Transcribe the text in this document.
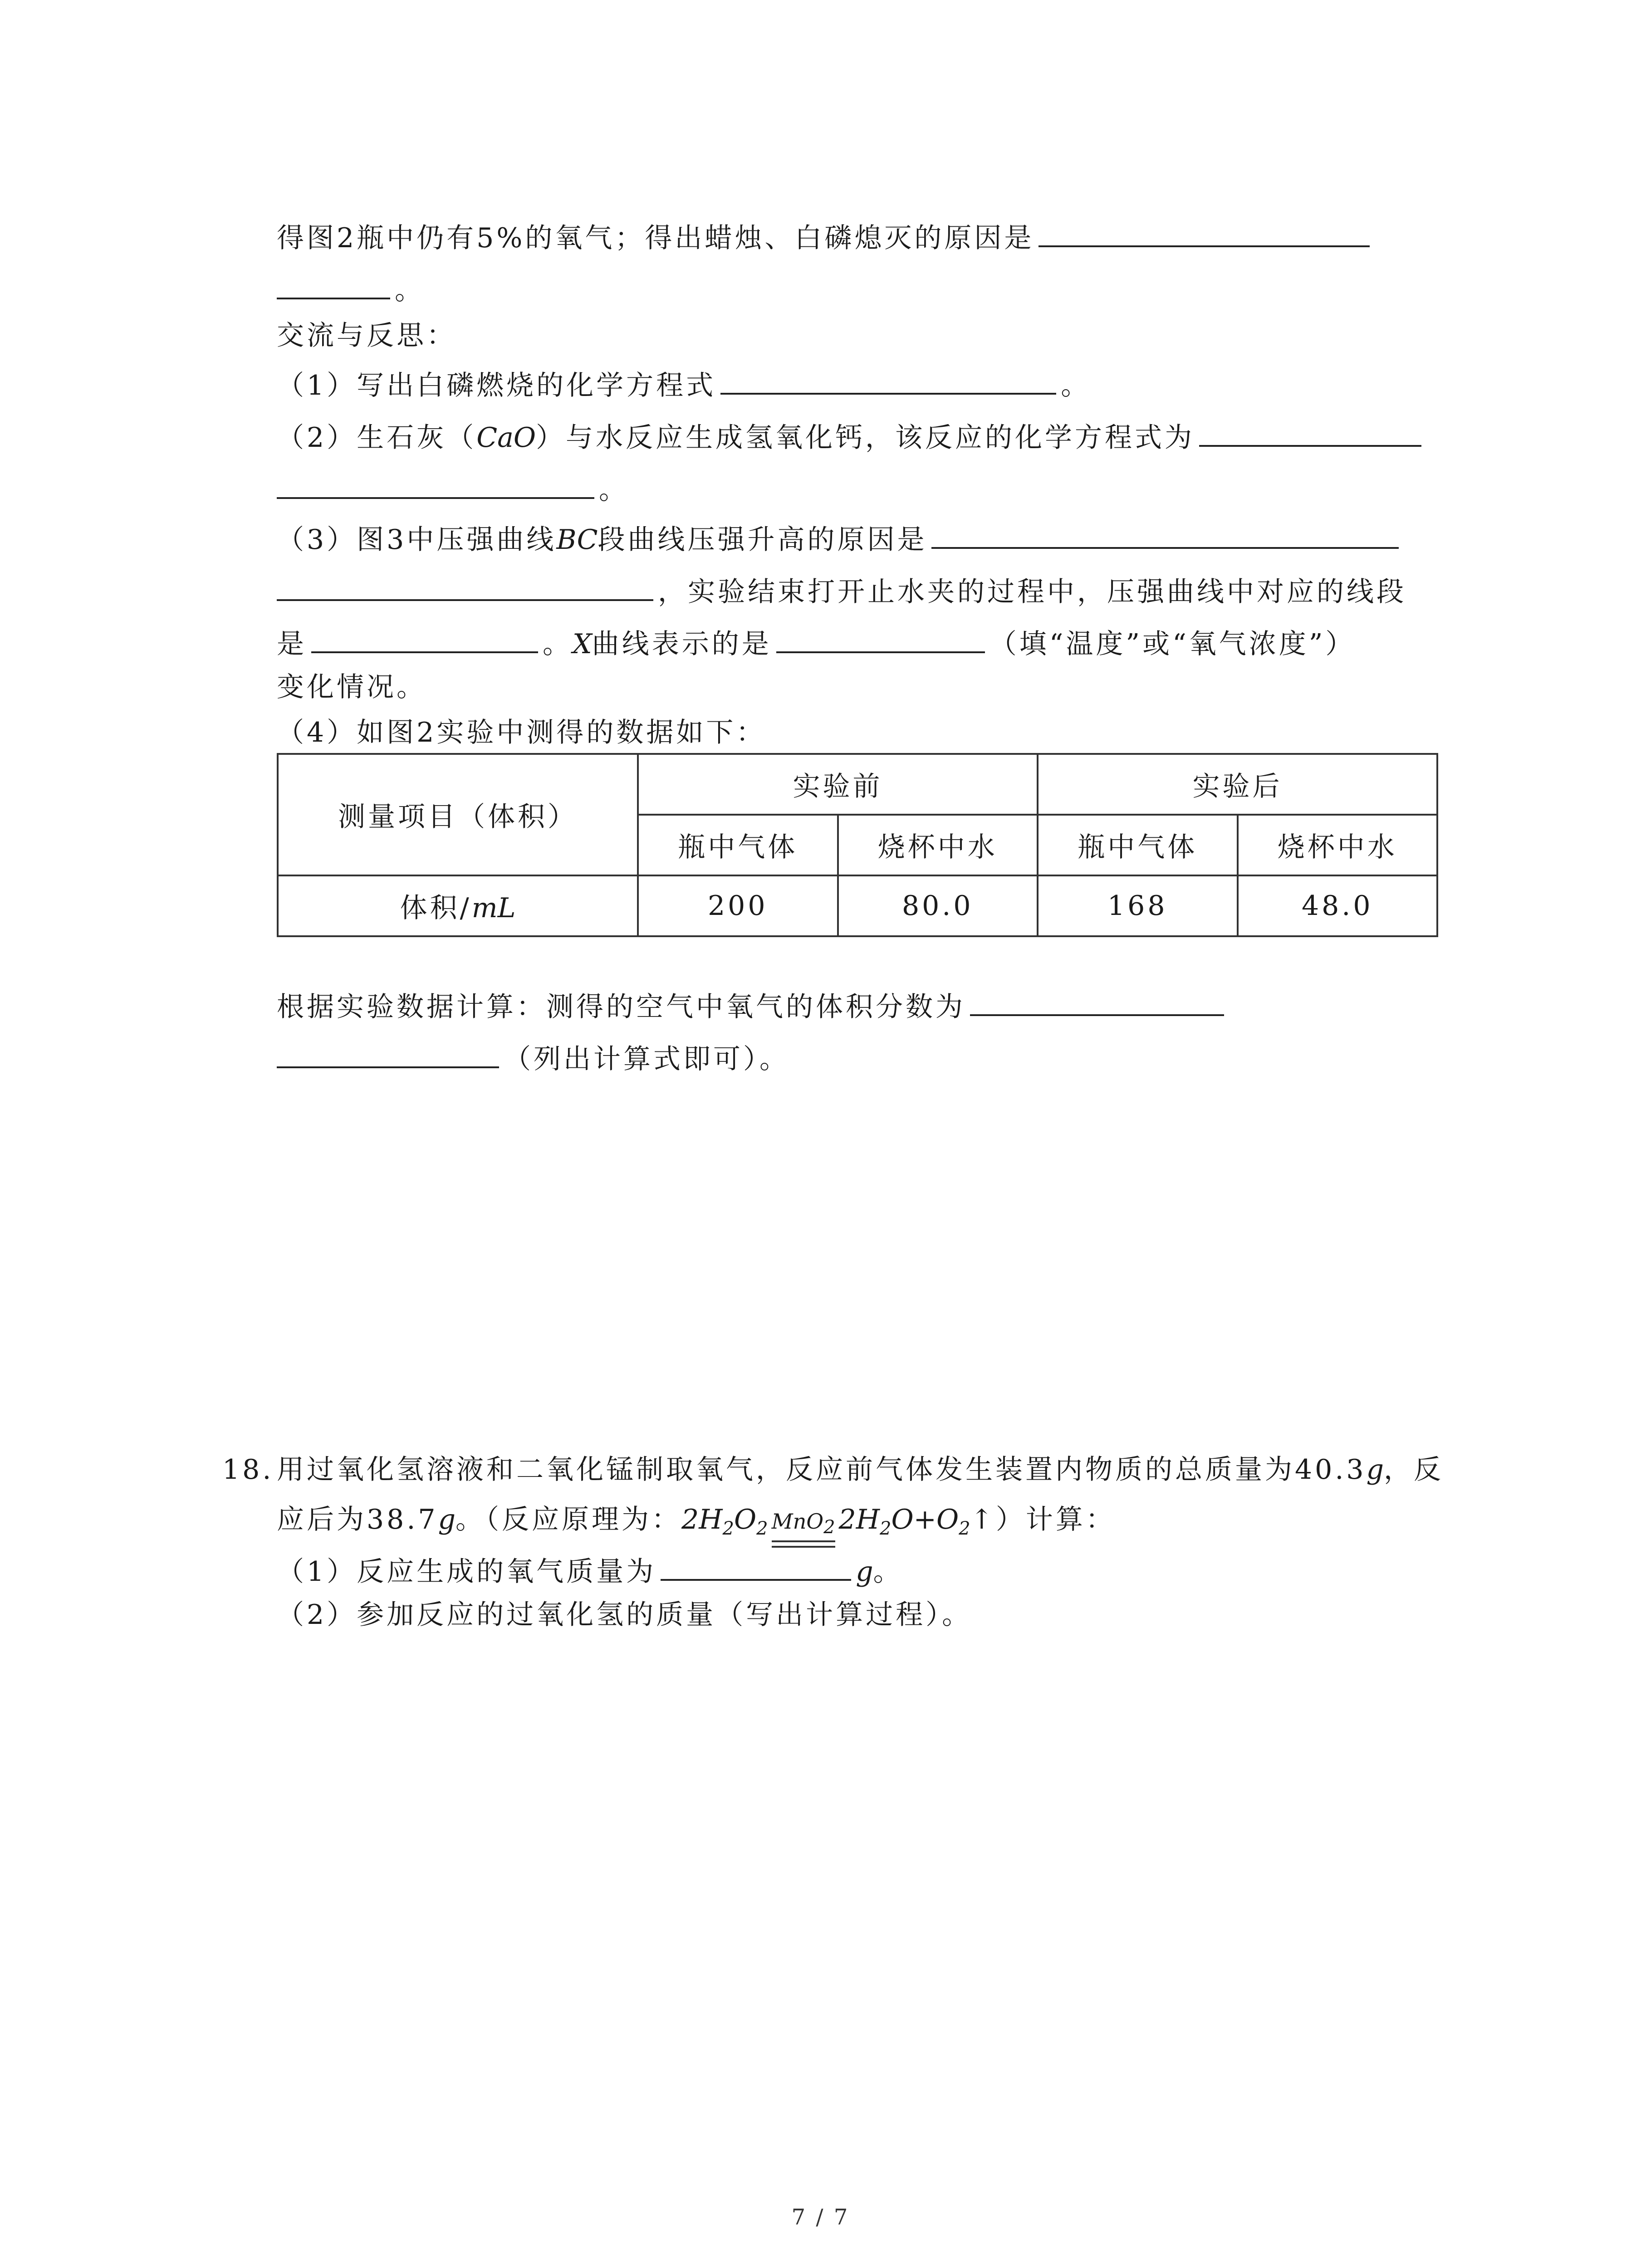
得图2瓶中仍有5%的氧气；得出蜡烛、白磷熄灭的原因是
。
交流与反思：
（1）写出白磷燃烧的化学方程式	。
（2）生石灰（CaO）与水反应生成氢氧化钙，该反应的化学方程式为
。
（3）图3中压强曲线BC段曲线压强升高的原因是
，实验结束打开止水夹的过程中，压强曲线中对应的线段
是	。X曲线表示的是	（填“温度”或“氧气浓度”）
变化情况。
（4）如图2实验中测得的数据如下：
测量项目（体积）	实验前		实验后	
	瓶中气体	烧杯中水	瓶中气体	烧杯中水
体积/mL	200	80.0	168	48.0
根据实验数据计算：测得的空气中氧气的体积分数为
（列出计算式即可）。
18. 用过氧化氢溶液和二氧化锰制取氧气，反应前气体发生装置内物质的总质量为40.3g，反
应后为38.7g。（反应原理为：$2H_2O_2$ MnO$_2$ $2H_2O+O_2↑$）计算：
（1）反应生成的氧气质量为	g。
（2）参加反应的过氧化氢的质量（写出计算过程）。
7 / 7
